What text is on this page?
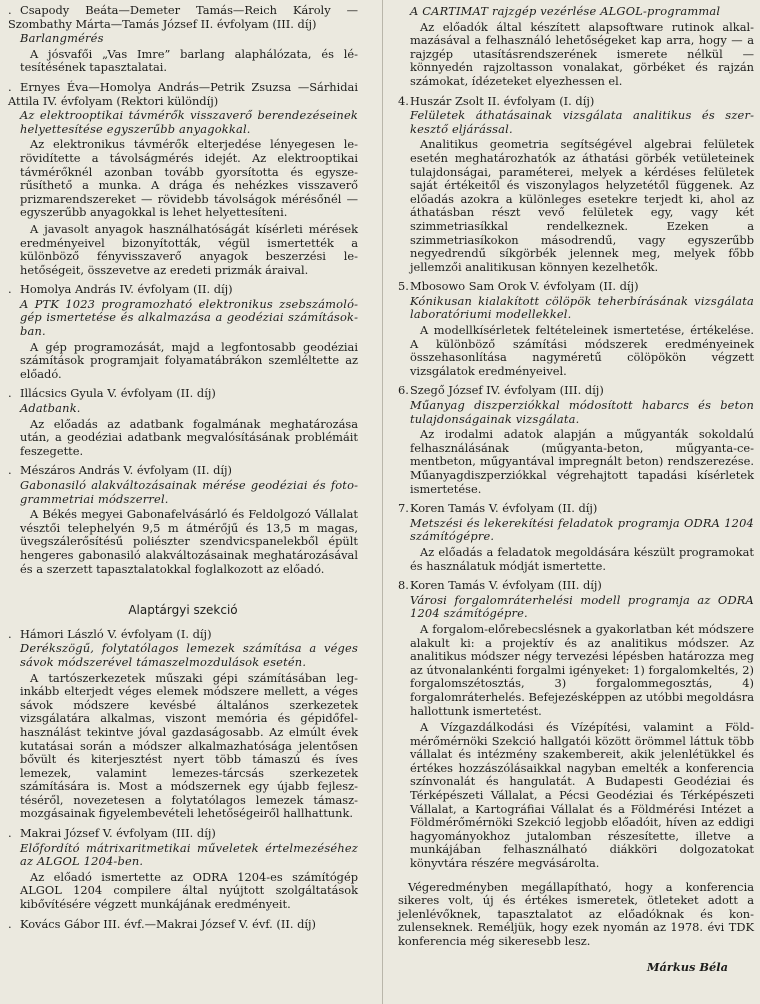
. Csapody Beáta—Demeter Tamás—Reich Károly —Szombathy Márta—Tamás József II. évfolyam (III. díj)
Barlangmérés
A jósvafői „Vas Imre” barlang alaphálózata, és létesítésének tapasztalatai.
. Ernyes Éva—Homolya András—Petrik Zsuzsa —Sárhidai Attila IV. évfolyam (Rektori különdíj)
Az elektrooptikai távmérők visszaverő berendezéseinek helyettesítése egyszerűbb anyagokkal.
Az elektronikus távmérők elterjedése lényegesen lerövidítette a távolságmérés idejét. Az elektrooptikai távmérőknél azonban tovább gyorsította és egyszerűsíthető a munka. A drága és nehézkes visszaverő prizmarendszereket — rövidebb távolságok mérésőnél — egyszerűbb anyagokkal is lehet helyettesíteni.
A javasolt anyagok használhatóságát kísérleti mérések eredményeivel bizonyították, végül ismertették a különböző fényvisszaverő anyagok beszerzési lehetőségeit, összevetve az eredeti prizmák áraival.
. Homolya András IV. évfolyam (II. díj)
A PTK 1023 programozható elektronikus zsebszámológép ismertetése és alkalmazása a geodéziai számításokban.
A gép programozását, majd a legfontosabb geodéziai számítások programjait folyamatábrákon szemléltette az előadó.
. Illácsics Gyula V. évfolyam (II. díj)
Adatbank.
Az előadás az adatbank fogalmának meghatározása után, a geodéziai adatbank megvalósításának problémáit feszegette.
. Mészáros András V. évfolyam (II. díj)
Gabonasiló alakváltozásainak mérése geodéziai és fotogrammetriai módszerrel.
A Békés megyei Gabonafelvásárló és Feldolgozó Vállalat vésztői telephelyén 9,5 m átmérőjű és 13,5 m magas, üvegszálerősítésű poliészter szendvicspanelekből épült hengeres gabonasiló alakváltozásainak meghatározásával és a szerzett tapasztalatokkal foglalkozott az előadó.
Alaptárgyi szekció
. Hámori László V. évfolyam (I. díj)
Derékszögű, folytatólagos lemezek számítása a véges sávok módszerével támaszelmozdulások esetén.
A tartószerkezetek műszaki gépi számításában leginkább elterjedt véges elemek módszere mellett, a véges sávok módszere kevésbé általános szerkezetek vizsgálatára alkalmas, viszont memória és gépidőfelhasználást tekintve jóval gazdaságosabb. Az elmúlt évek kutatásai során a módszer alkalmazhatósága jelentősen bővült és kiterjesztést nyert több támaszú és íves lemezek, valamint lemezes-tárcsás szerkezetek számítására is. Most a módszernek egy újabb fejlesztéséről, novezetesen a folytatólagos lemezek támaszmozgásainak figyelembevételi lehetőségeiről hallhattunk.
. Makrai József V. évfolyam (III. díj)
Előfordító mátrixaritmetikai műveletek értelmezéséhez az ALGOL 1204-ben.
Az előadó ismertette az ODRA 1204-es számítógép ALGOL 1204 compilere által nyújtott szolgáltatások kibővítésére végzett munkájának eredményeit.
. Kovács Gábor III. évf.—Makrai József V. évf. (II. díj)
A CARTIMAT rajzgép vezérlése ALGOL-programmal
Az előadók által készített alapsoftware rutinok alkalmazásával a felhasználó lehetőségeket kap arra, hogy — a rajzgép utasításrendszerének ismerete nélkül — könnyedén rajzoltasson vonalakat, görbéket és rajzán számokat, ídézeteket elyezhessen el.
4.Huszár Zsolt II. évfolyam (I. díj)
Felületek áthatásainak vizsgálata analitikus és szerkesztő eljárással.
Analitikus geometria segítségével algebrai felületek esetén meghatározhatók az áthatási görbék vetületeinek tulajdonságai, paraméterei, melyek a kérdéses felületek saját értékeitől és viszonylagos helyzetétől függenek. Az előadás azokra a különleges esetekre terjedt ki, ahol az áthatásban részt vevő felületek egy, vagy két szimmetriasíkkal rendelkeznek. Ezeken a szimmetriasíkokon másodrendű, vagy egyszerűbb negyedrendű síkgörbék jelennek meg, melyek főbb jellemzői analitikusan könnyen kezelhetők.
5.Mbosowo Sam Orok V. évfolyam (II. díj)
Kónikusan kialakított cölöpök teherbírásának vizsgálata laboratóriumi modellekkel.
A modellkísérletek feltételeinek ismertetése, értékelése. A különböző számítási módszerek eredményeinek összehasonlítása nagyméretű cölöpökön végzett vizsgálatok eredményeivel.
6.Szegő József IV. évfolyam (III. díj)
Műanyag diszperziókkal módosított habarcs és beton tulajdonságainak vizsgálata.
Az irodalmi adatok alapján a műgyanták sokoldalú felhasználásának (műgyanta-beton, műgyanta-cementbeton, műgyantával impregnált beton) rendszerezése. Műanyagdiszperziókkal végrehajtott tapadási kísérletek ismertetése.
7.Koren Tamás V. évfolyam (II. díj)
Metszési és lekerekítési feladatok programja ODRA 1204 számítógépre.
Az előadás a feladatok megoldására készült programokat és használatuk módját ismertette.
8.Koren Tamás V. évfolyam (III. díj)
Városi forgalomráterhelési modell programja az ODRA 1204 számítógépre.
A forgalom-előrebecslésnek a gyakorlatban két módszere alakult ki: a projektív és az analitikus módszer. Az analitikus módszer négy tervezési lépésben határozza meg az útvonalankénti forgalmi igényeket: 1) forgalomkeltés, 2) forgalomszétosztás, 3) forgalommegosztás, 4) forgalomráterhelés. Befejezésképpen az utóbbi megoldásra hallottunk ismertetést.
A Vízgazdálkodási és Vízépítési, valamint a Földmérőmérnöki Szekció hallgatói között örömmel láttuk több vállalat és intézmény szakembereit, akik jelenlétükkel és értékes hozzászólásaikkal nagyban emelték a konferencia színvonalát és hangulatát. A Budapesti Geodéziai és Térképészeti Vállalat, a Pécsi Geodéziai és Térképészeti Vállalat, a Kartográfiai Vállalat és a Földmérési Intézet a Földmérőmérnöki Szekció legjobb előadóit, híven az eddigi hagyományokhoz jutalomban részesítette, illetve a munkájában felhasználható diákköri dolgozatokat könyvtára részére megvásárolta.
Végeredményben megállapítható, hogy a konferencia sikeres volt, új és értékes ismeretek, ötleteket adott a jelenlévőknek, tapasztalatot az előadóknak és konzulenseknek. Reméljük, hogy ezek nyomán az 1978. évi TDK konferencia még sikeresebb lesz.
Márkus Béla
